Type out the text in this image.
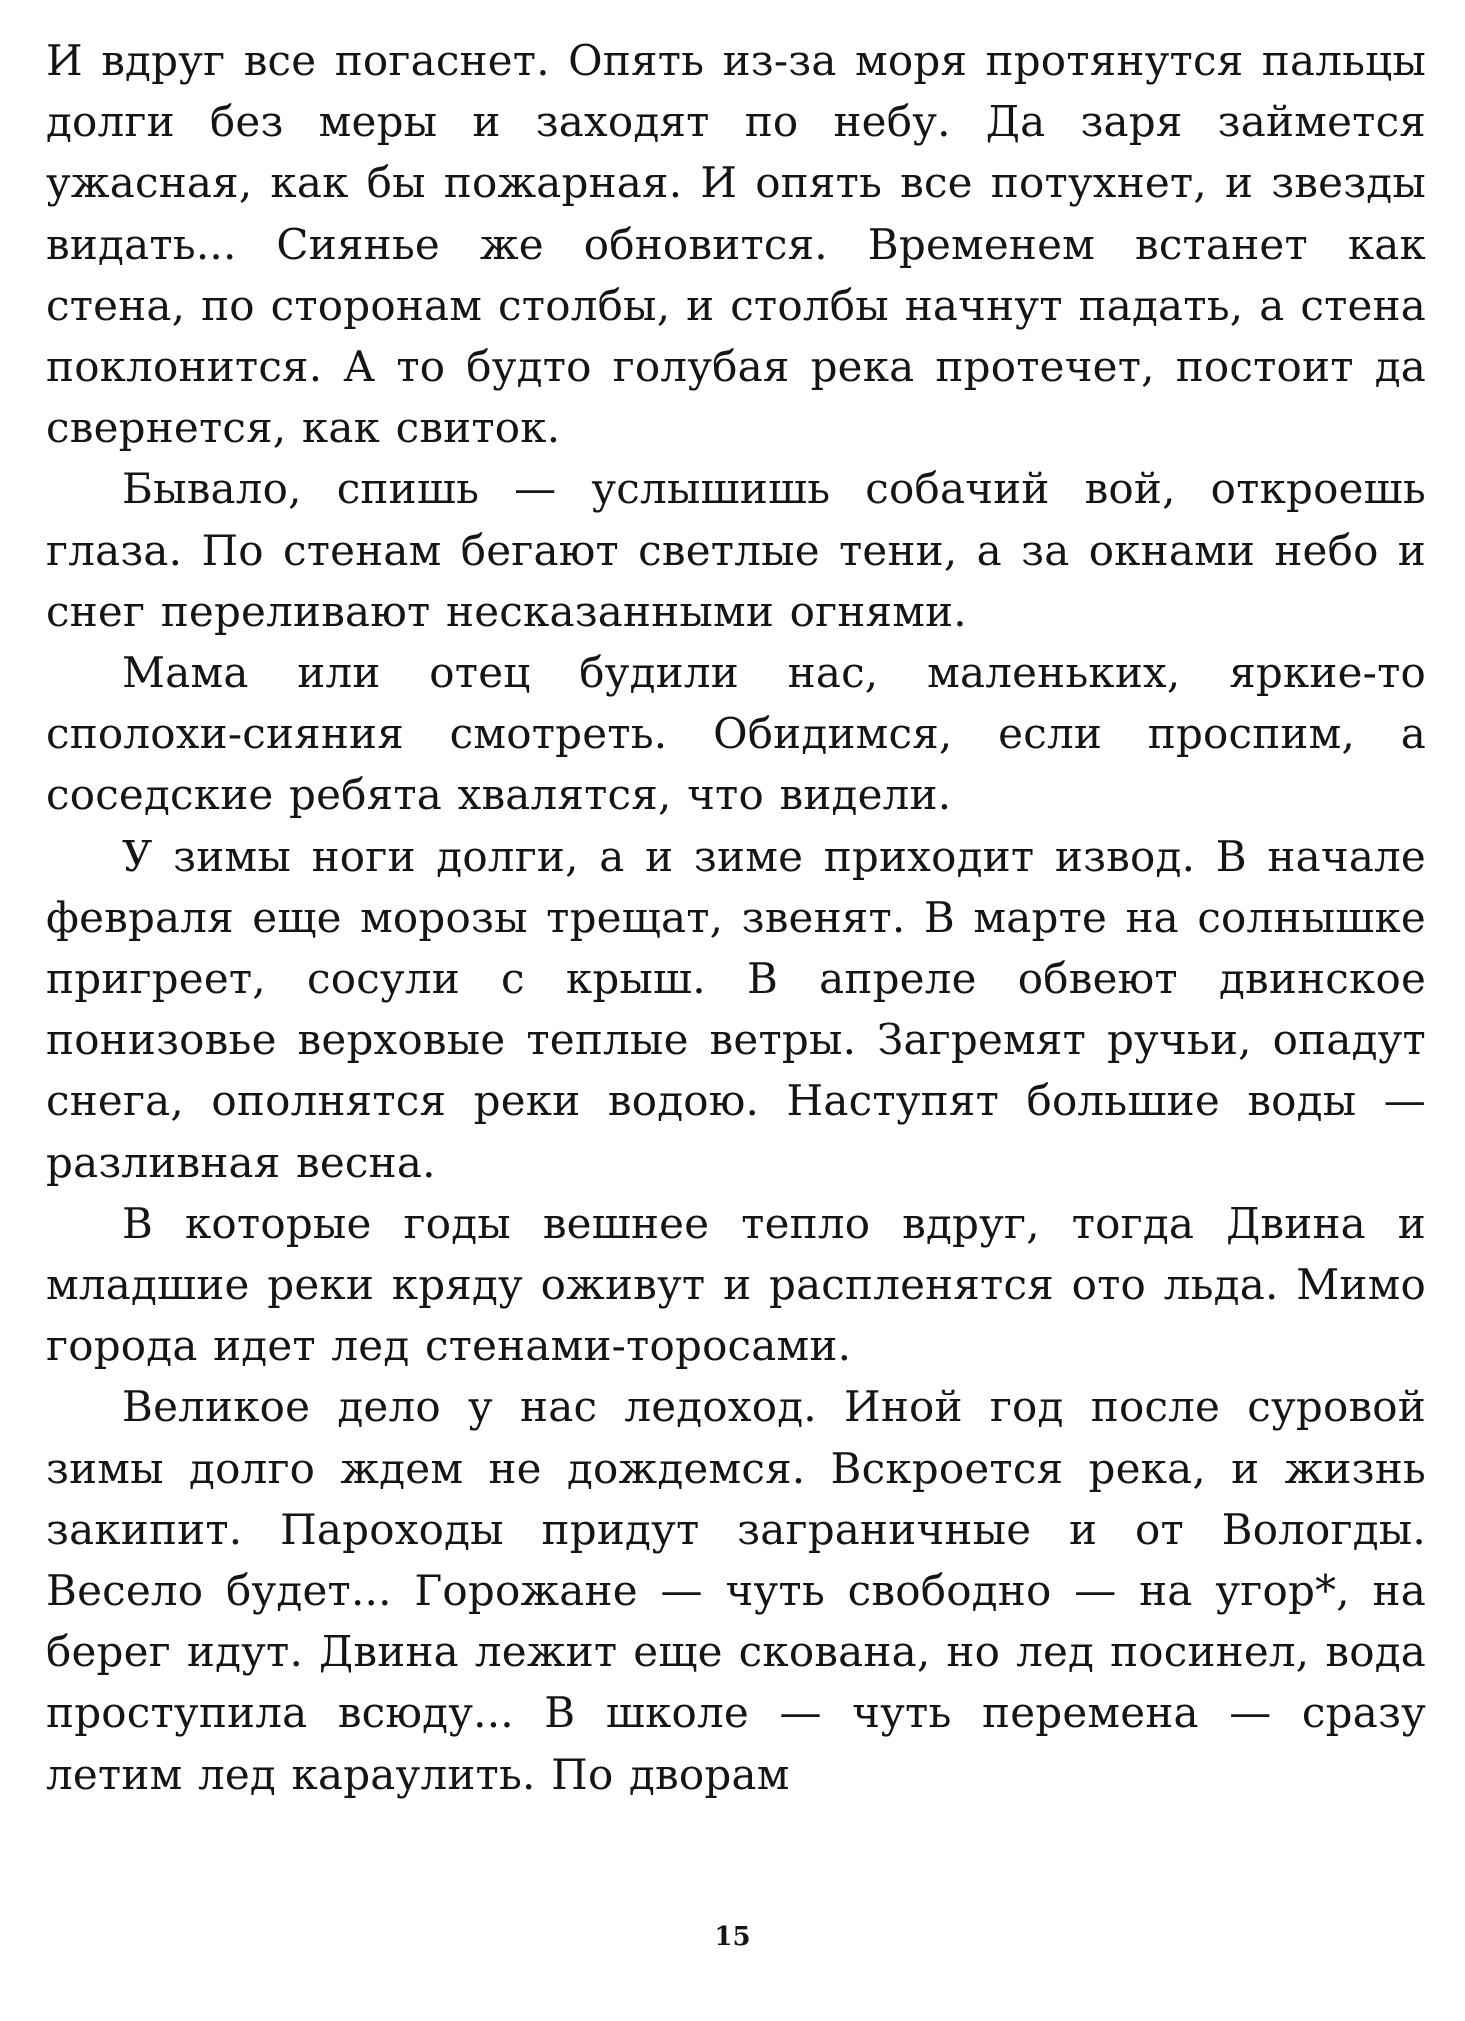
И вдруг все погаснет. Опять из-за моря протянутся пальцы долги без меры и заходят по небу. Да заря займется ужасная, как бы пожарная. И опять все потухнет, и звезды видать... Сиянье же обновится. Временем встанет как стена, по сторонам столбы, и столбы начнут падать, а стена поклонится. А то будто голубая река протечет, постоит да свернется, как свиток.

Бывало, спишь — услышишь собачий вой, откроешь глаза. По стенам бегают светлые тени, а за окнами небо и снег переливают несказанными огнями.

Мама или отец будили нас, маленьких, яркие-то сполохи-сияния смотреть. Обидимся, если проспим, а соседские ребята хвалятся, что видели.

У зимы ноги долги, а и зиме приходит извод. В начале февраля еще морозы трещат, звенят. В марте на солнышке пригреет, сосули с крыш. В апреле обвеют двинское понизовье верховые теплые ветры. Загремят ручьи, опадут снега, ополнятся реки водою. Наступят большие воды — разливная весна.

В которые годы вешнее тепло вдруг, тогда Двина и младшие реки кряду оживут и распленятся ото льда. Мимо города идет лед стенами-торосами.

Великое дело у нас ледоход. Иной год после суровой зимы долго ждем не дождемся. Вскроется река, и жизнь закипит. Пароходы придут заграничные и от Вологды. Весело будет... Горожане — чуть свободно — на угор*, на берег идут. Двина лежит еще скована, но лед посинел, вода проступила всюду... В школе — чуть перемена — сразу летим лед караулить. По дворам

15
